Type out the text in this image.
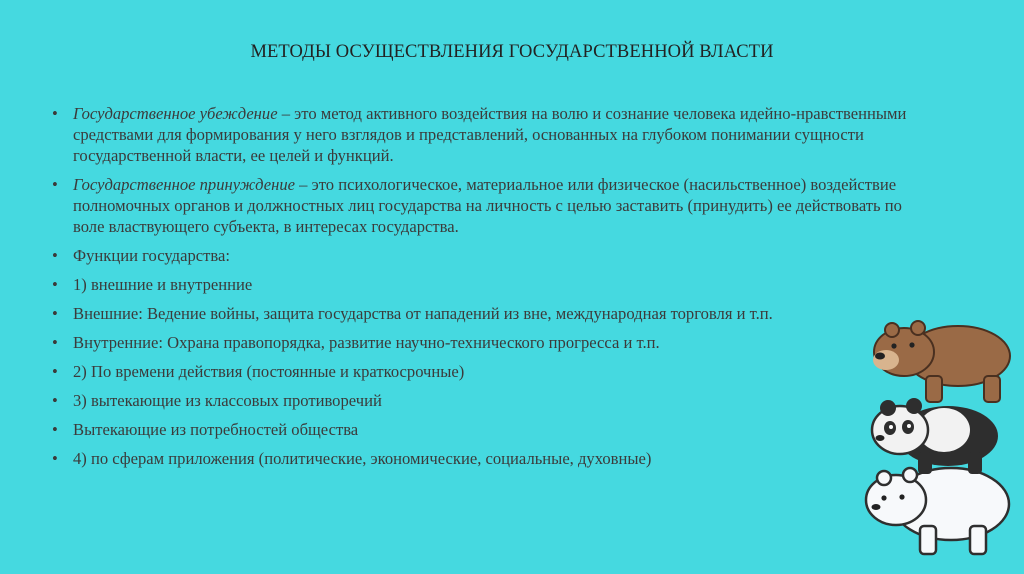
МЕТОДЫ ОСУЩЕСТВЛЕНИЯ ГОСУДАРСТВЕННОЙ ВЛАСТИ
• Государственное убеждение – это метод активного воздействия на волю и сознание человека идейно-нравственными средствами для формирования у него взглядов и представлений, основанных на глубоком понимании сущности государственной власти, ее целей и функций.
• Государственное принуждение – это психологическое, материальное или физическое (насильственное) воздействие полномочных органов и должностных лиц государства на личность с целью заставить (принудить) ее действовать по воле властвующего субъекта, в интересах государства.
• Функции государства:
• 1) внешние и внутренние
• Внешние: Ведение войны, защита государства от нападений из вне, международная торговля и т.п.
• Внутренние: Охрана правопорядка, развитие научно-технического прогресса и т.п.
• 2) По времени действия (постоянные и краткосрочные)
• 3) вытекающие из классовых противоречий
• Вытекающие из потребностей общества
• 4) по сферам приложения (политические, экономические, социальные, духовные)
